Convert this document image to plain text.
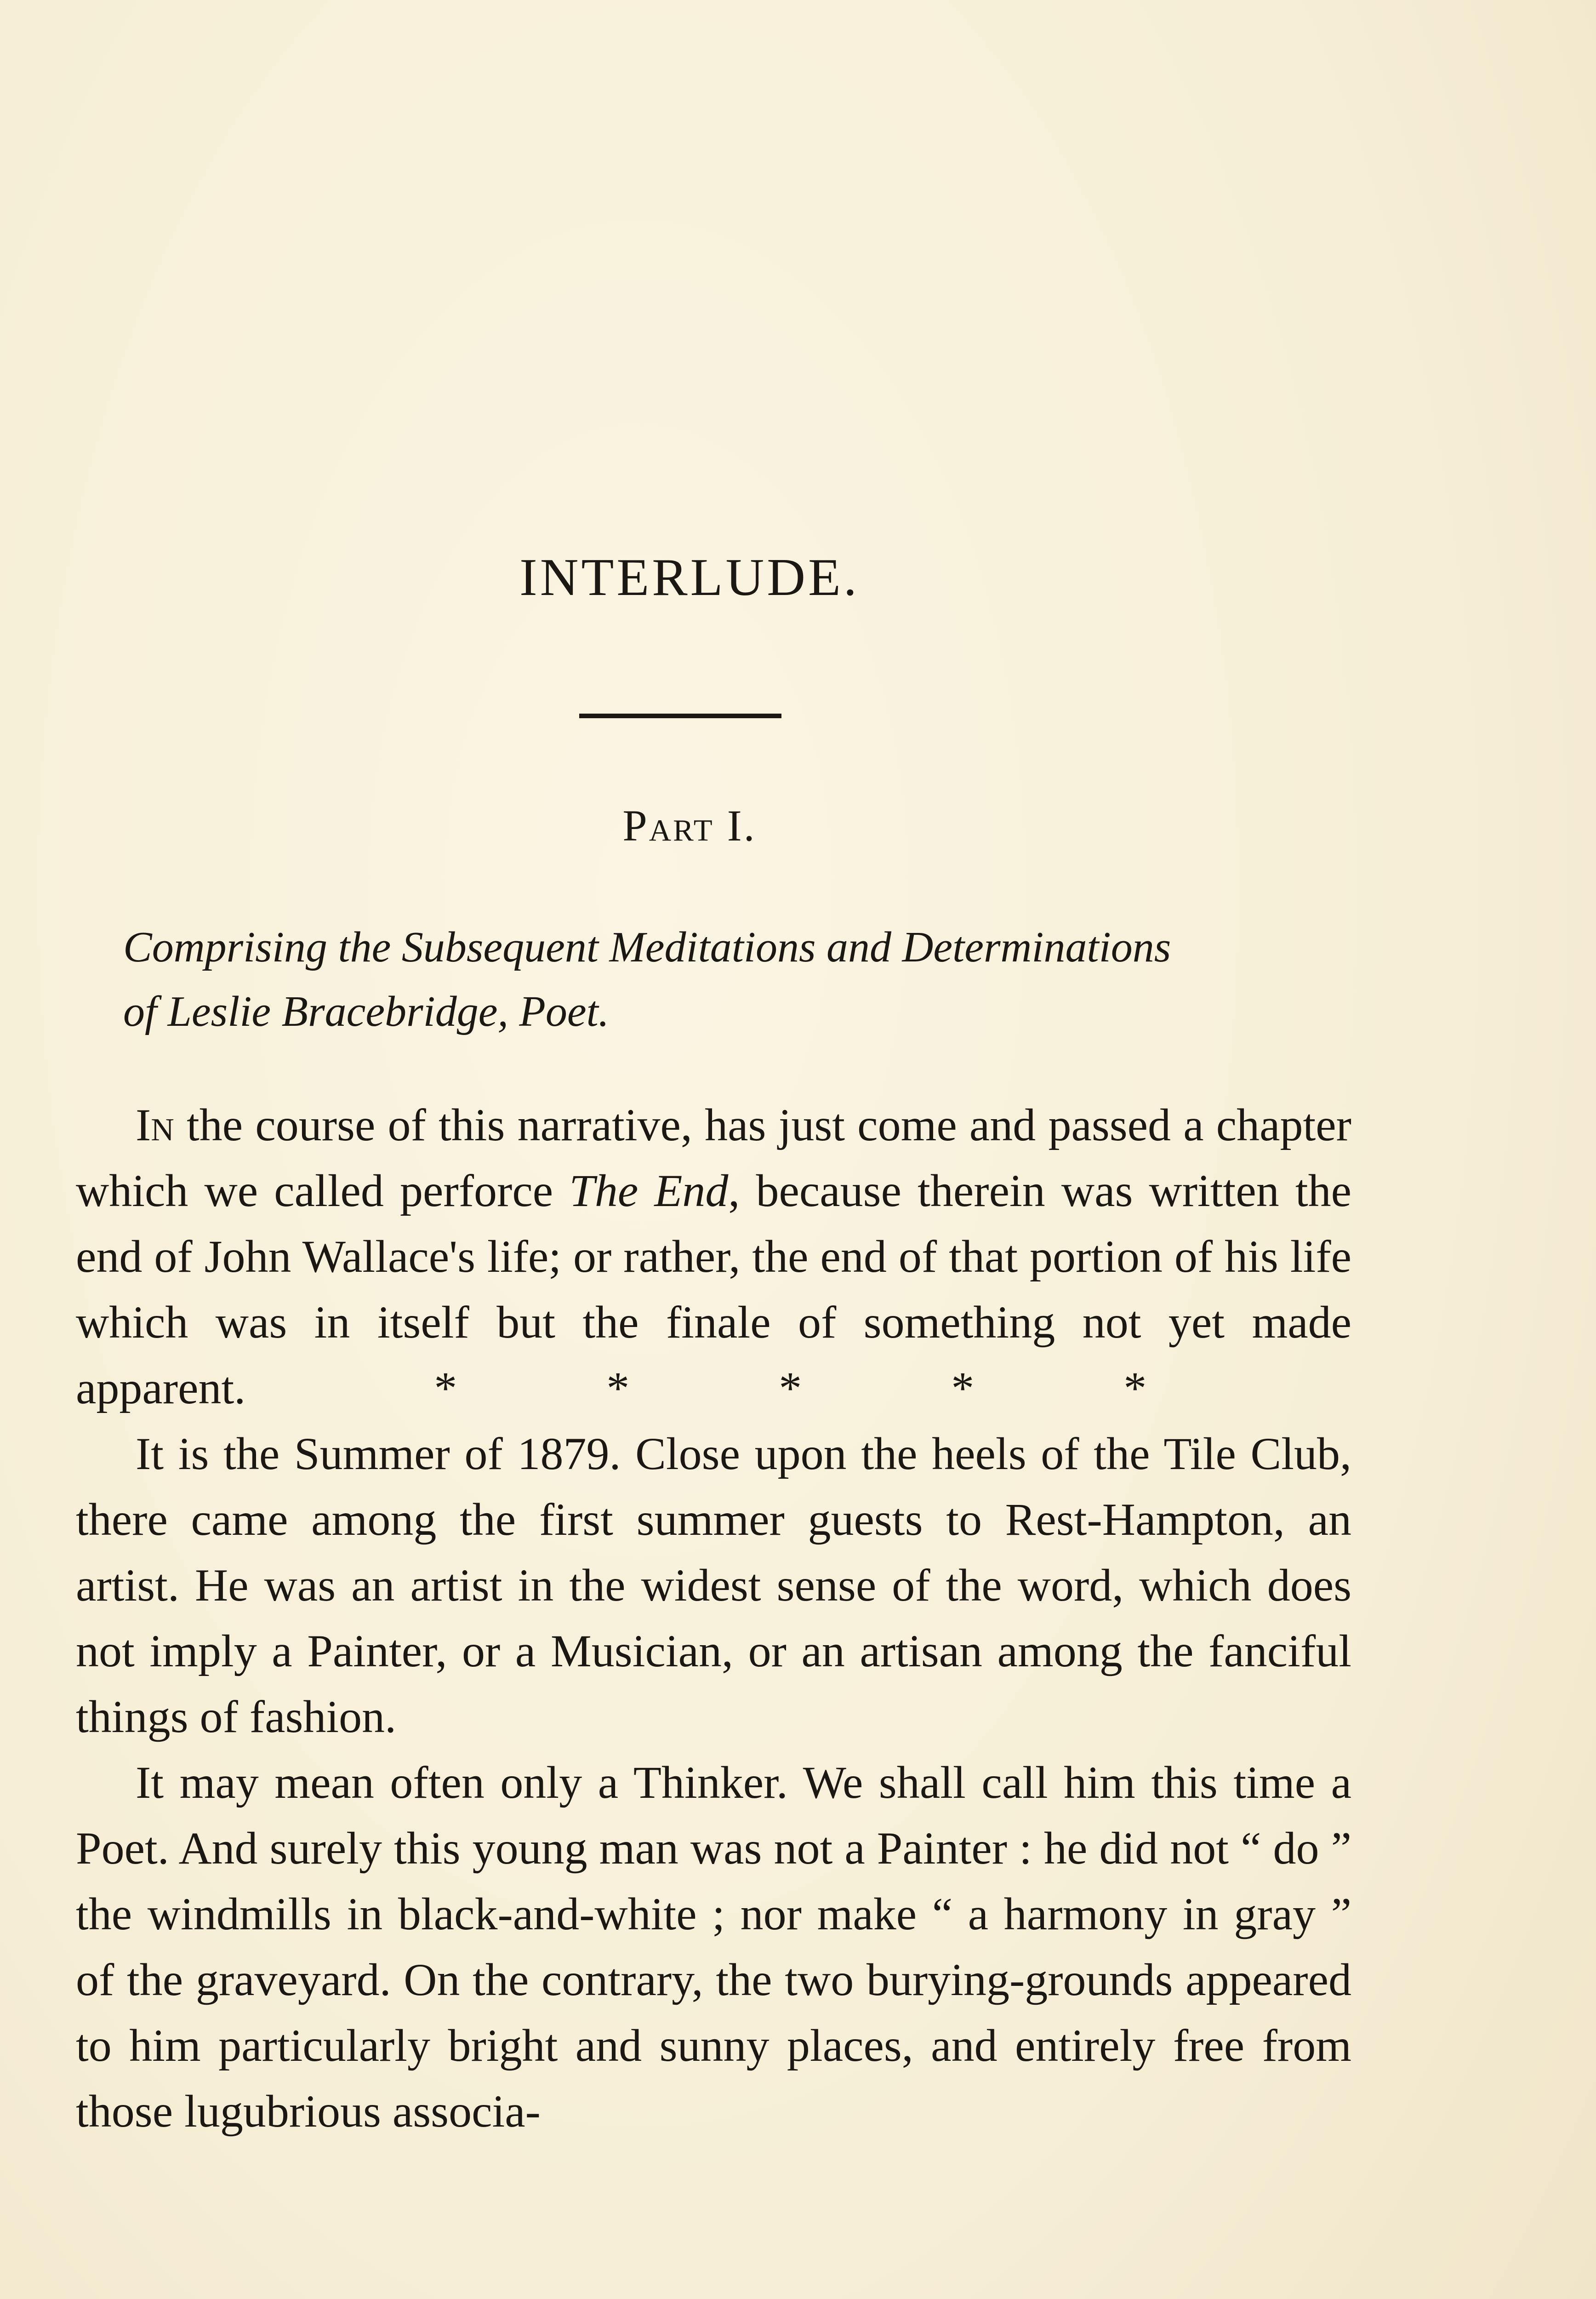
INTERLUDE.
Part I.
Comprising the Subsequent Meditations and Determinations
of Leslie Bracebridge, Poet.

In the course of this narrative, has just come and passed a chapter which we called perforce The End, because therein was written the end of John Wallace's life; or rather, the end of that portion of his life which was in itself but the finale of something not yet made apparent.	* * * * *

It is the Summer of 1879. Close upon the heels of the Tile Club, there came among the first summer guests to Rest-Hampton, an artist. He was an artist in the widest sense of the word, which does not imply a Painter, or a Musician, or an artisan among the fanciful things of fashion.

It may mean often only a Thinker. We shall call him this time a Poet. And surely this young man was not a Painter : he did not “ do ” the windmills in black-and-white ; nor make “ a harmony in gray ” of the graveyard. On the contrary, the two burying-grounds appeared to him particularly bright and sunny places, and entirely free from those lugubrious associa-
